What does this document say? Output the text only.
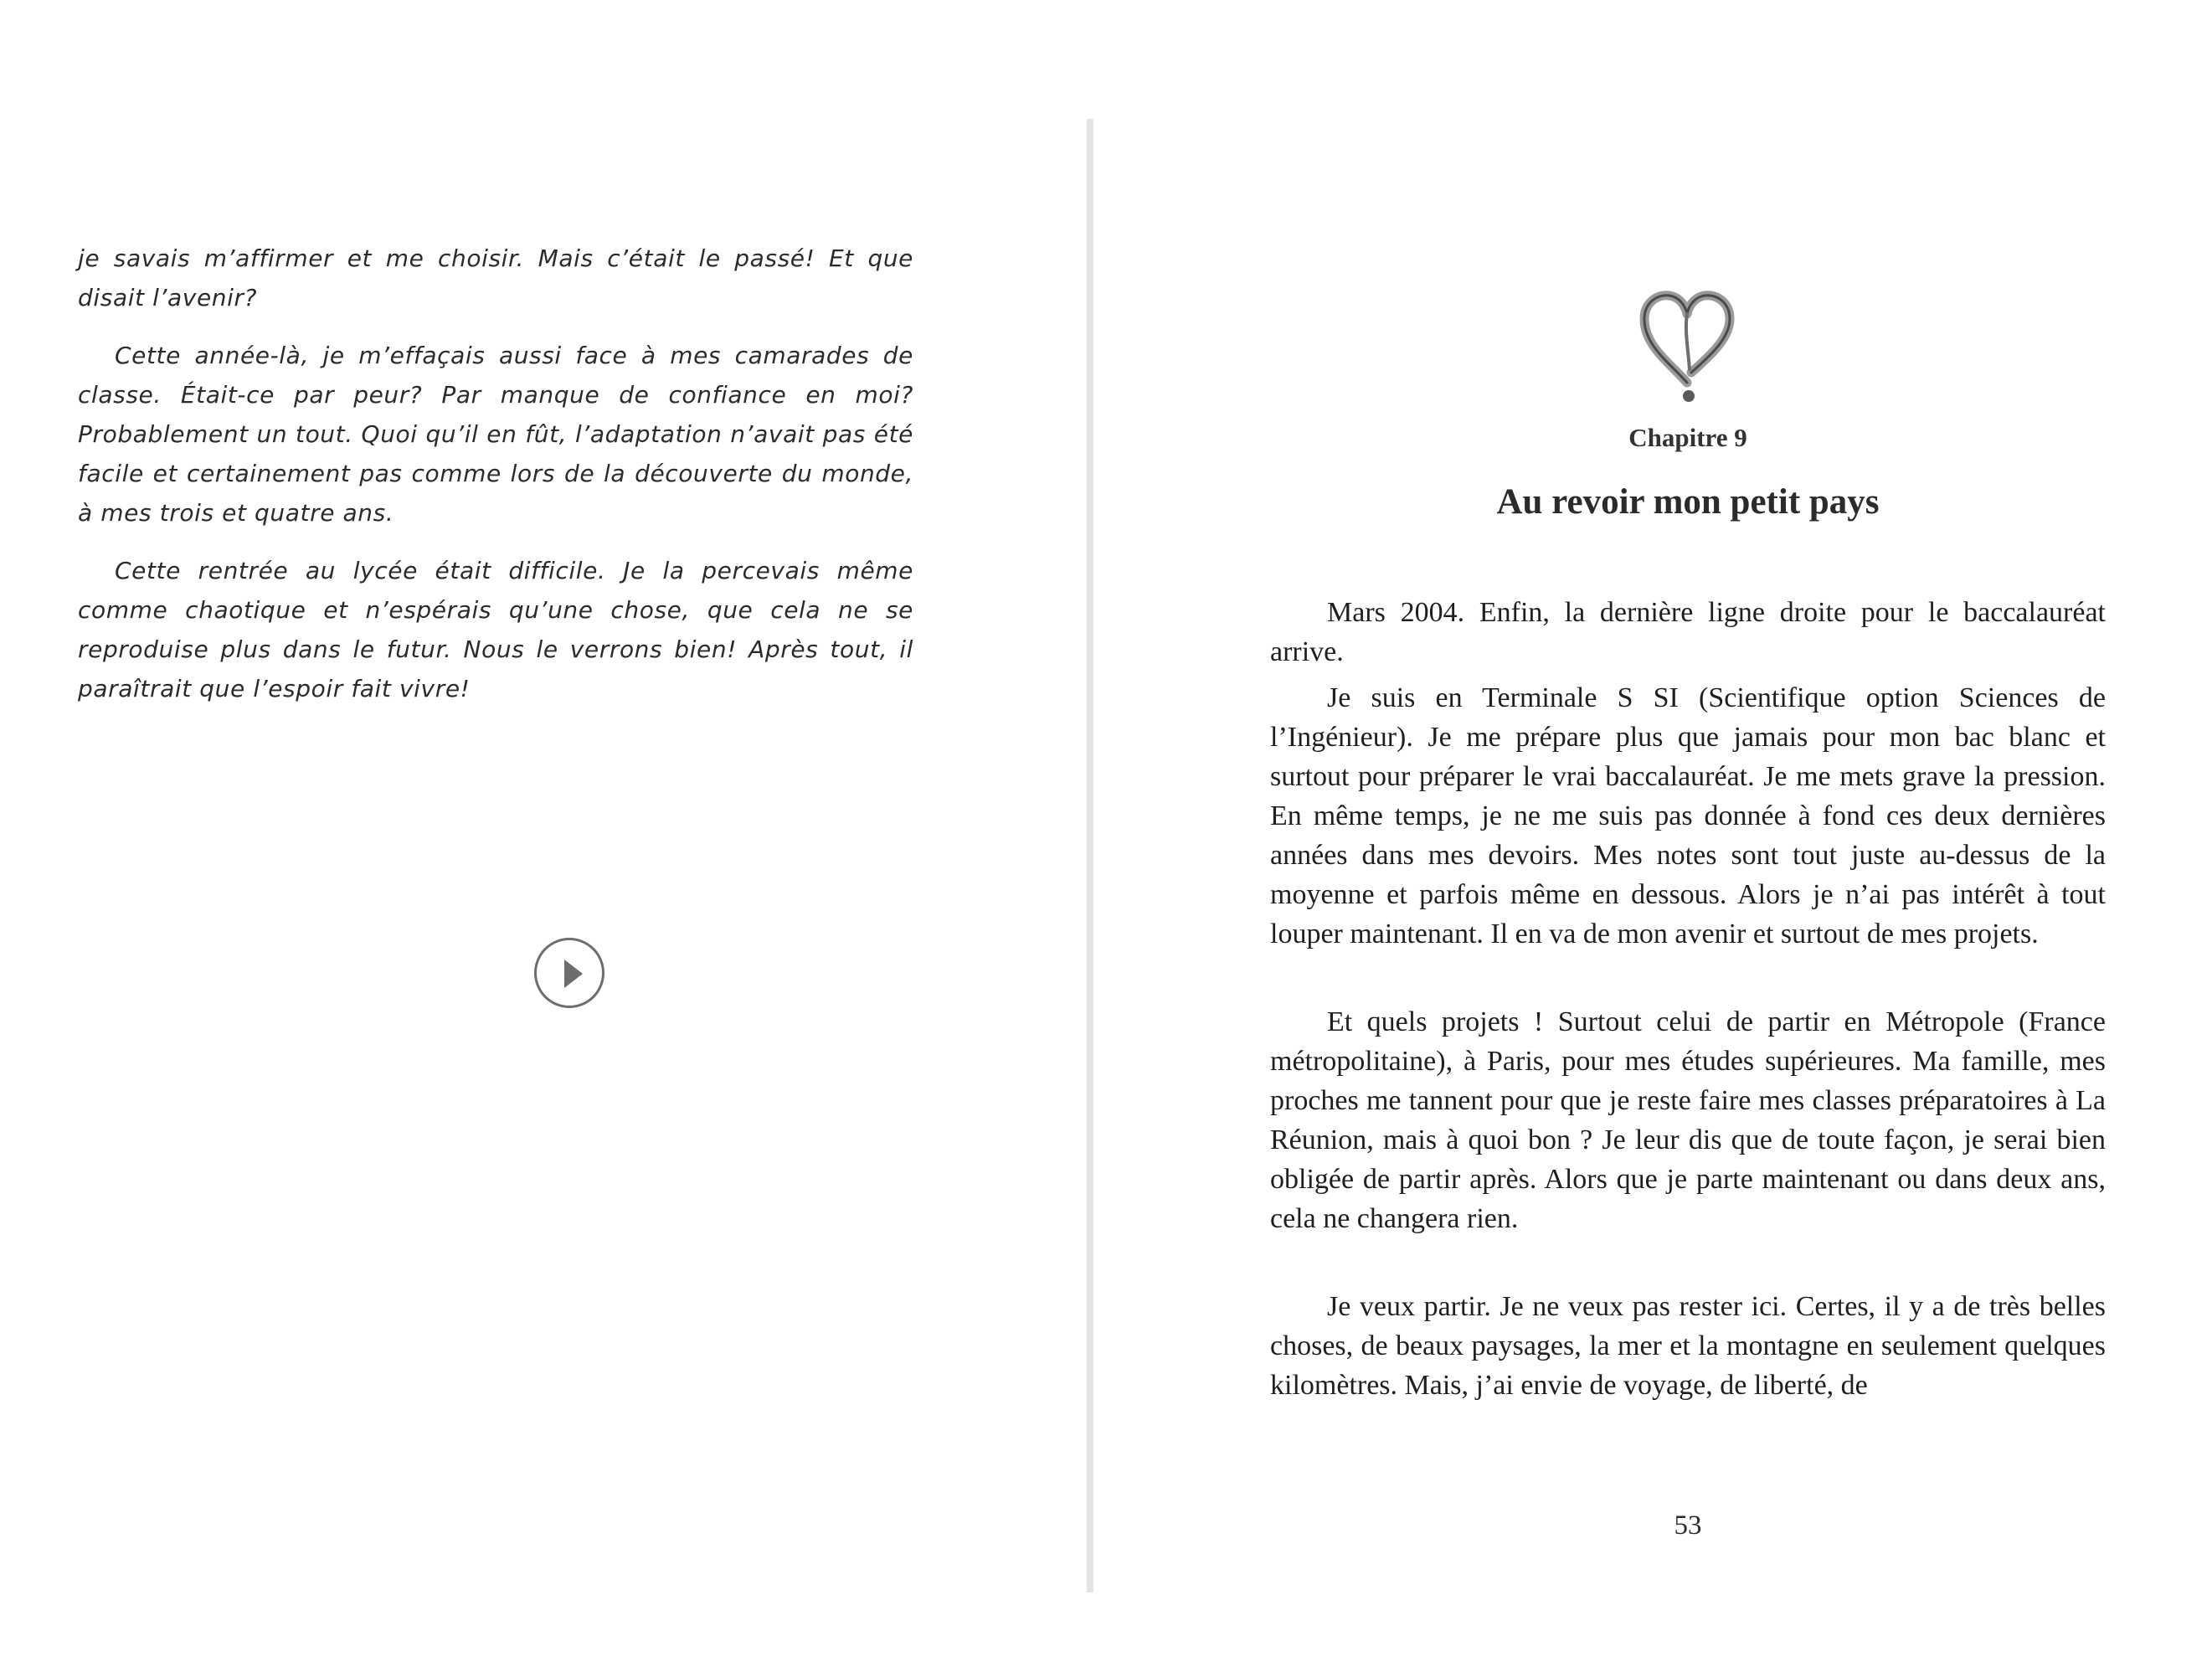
je savais m’affirmer et me choisir. Mais c’était le passé! Et que disait l’avenir?

Cette année-là, je m’effaçais aussi face à mes camarades de classe. Était-ce par peur? Par manque de confiance en moi? Probablement un tout. Quoi qu’il en fût, l’adaptation n’avait pas été facile et certainement pas comme lors de la découverte du monde, à mes trois et quatre ans.

Cette rentrée au lycée était difficile. Je la percevais même comme chaotique et n’espérais qu’une chose, que cela ne se reproduise plus dans le futur. Nous le verrons bien! Après tout, il paraîtrait que l’espoir fait vivre!

Chapitre 9
Au revoir mon petit pays

Mars 2004. Enfin, la dernière ligne droite pour le baccalauréat arrive.

Je suis en Terminale S SI (Scientifique option Sciences de l’Ingénieur). Je me prépare plus que jamais pour mon bac blanc et surtout pour préparer le vrai baccalauréat. Je me mets grave la pression. En même temps, je ne me suis pas donnée à fond ces deux dernières années dans mes devoirs. Mes notes sont tout juste au-dessus de la moyenne et parfois même en dessous. Alors je n’ai pas intérêt à tout louper maintenant. Il en va de mon avenir et surtout de mes projets.

Et quels projets ! Surtout celui de partir en Métropole (France métropolitaine), à Paris, pour mes études supérieures. Ma famille, mes proches me tannent pour que je reste faire mes classes préparatoires à La Réunion, mais à quoi bon ? Je leur dis que de toute façon, je serai bien obligée de partir après. Alors que je parte maintenant ou dans deux ans, cela ne changera rien.

Je veux partir. Je ne veux pas rester ici. Certes, il y a de très belles choses, de beaux paysages, la mer et la montagne en seulement quelques kilomètres. Mais, j’ai envie de voyage, de liberté, de

53
